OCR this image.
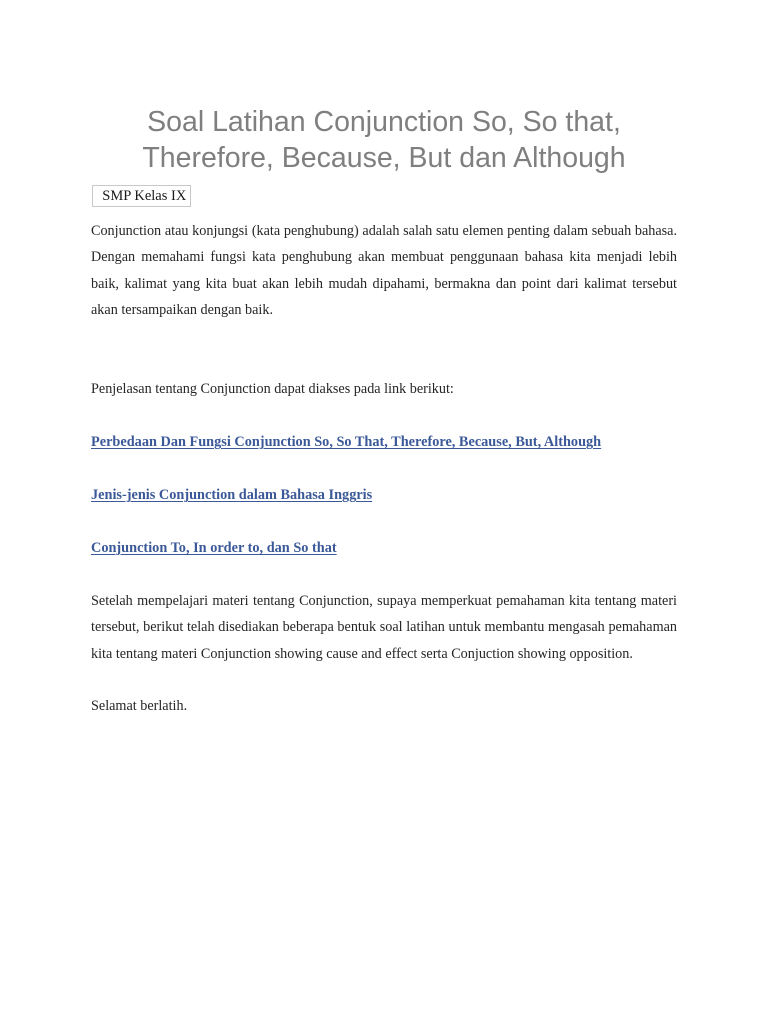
Soal Latihan Conjunction So, So that,
Therefore, Because, But dan Although
SMP Kelas IX

Conjunction atau konjungsi (kata penghubung) adalah salah satu elemen penting dalam sebuah bahasa. Dengan memahami fungsi kata penghubung akan membuat penggunaan bahasa kita menjadi lebih baik, kalimat yang kita buat akan lebih mudah dipahami, bermakna dan point dari kalimat tersebut akan tersampaikan dengan baik.

Penjelasan tentang Conjunction dapat diakses pada link berikut:

Perbedaan Dan Fungsi Conjunction So, So That, Therefore, Because, But, Although
Jenis-jenis Conjunction dalam Bahasa Inggris
Conjunction To, In order to, dan So that

Setelah mempelajari materi tentang Conjunction, supaya memperkuat pemahaman kita tentang materi tersebut, berikut telah disediakan beberapa bentuk soal latihan untuk membantu mengasah pemahaman kita tentang materi Conjunction showing cause and effect serta Conjuction showing opposition.

Selamat berlatih.
